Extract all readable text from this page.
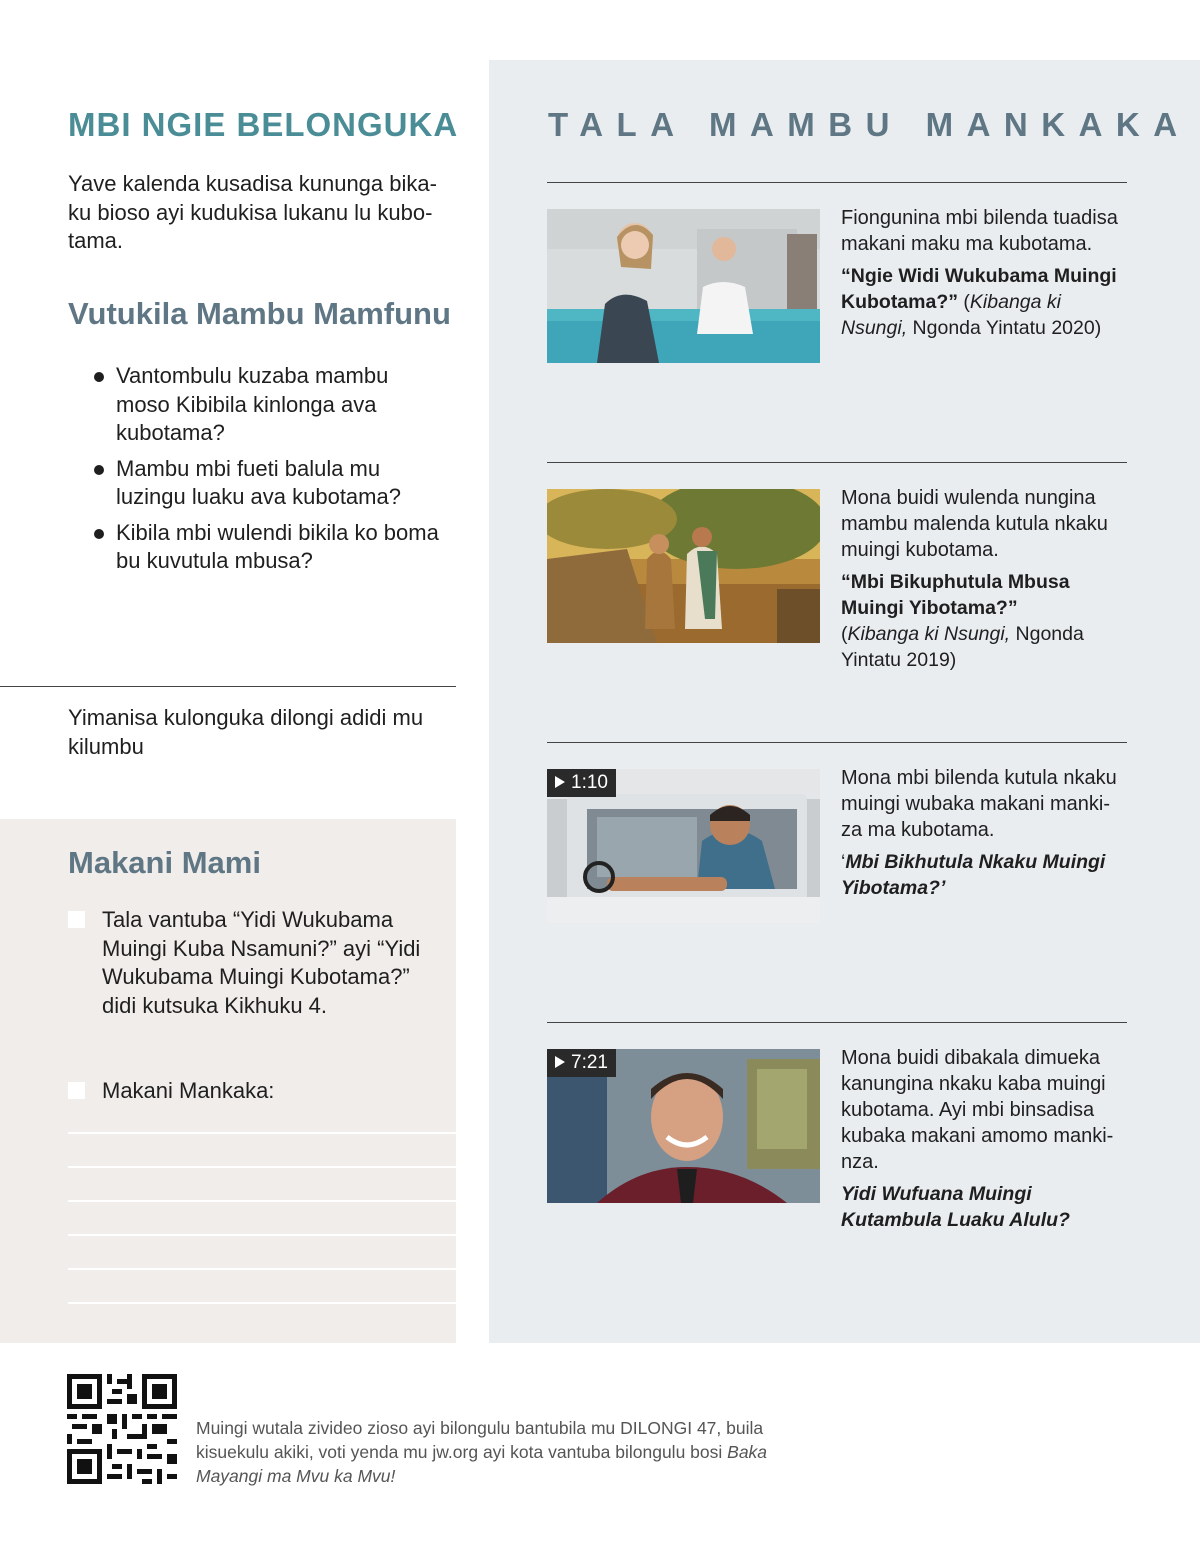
MBI NGIE BELONGUKA
Yave kalenda kusadisa kununga bika-ku bioso ayi kudukisa lukanu lu kubo-tama.
Vutukila Mambu Mamfunu
Vantombulu kuzaba mambu moso Kibibila kinlonga ava kubotama?
Mambu mbi fueti balula mu luzingu luaku ava kubotama?
Kibila mbi wulendi bikila ko boma bu kuvutula mbusa?
Yimanisa kulonguka dilongi adidi mu kilumbu
Makani Mami
Tala vantuba “Yidi Wukubama Muingi Kuba Nsamuni?” ayi “Yidi Wukubama Muingi Kubotama?” didi kutsuka Kikhuku 4.
Makani Mankaka:
TALA MAMBU MANKAKA

Fiongunina mbi bilenda tuadisa makani maku ma kubotama.

“Ngie Widi Wukubama Muingi Kubotama?” (Kibanga ki Nsungi, Ngonda Yintatu 2020)

Mona buidi wulenda nungina mambu malenda kutula nkaku muingi kubotama.

“Mbi Bikuphutula Mbusa Muingi Yibotama?”
(Kibanga ki Nsungi, Ngonda Yintatu 2019)

1:10	Mona mbi bilenda kutula nkaku muingi wubaka makani manki-za ma kubotama.

‘Mbi Bikhutula Nkaku Muingi Yibotama?’

7:21	Mona buidi dibakala dimueka kanungina nkaku kaba muingi kubotama. Ayi mbi binsadisa kubaka makani amomo manki-nza.

Yidi Wufuana Muingi Kutambula Luaku Alulu?

Muingi wutala zivideo zioso ayi bilongulu bantubila mu DILONGI 47, buila kisuekulu akiki, voti yenda mu jw.org ayi kota vantuba bilongulu bosi Baka Mayangi ma Mvu ka Mvu!
